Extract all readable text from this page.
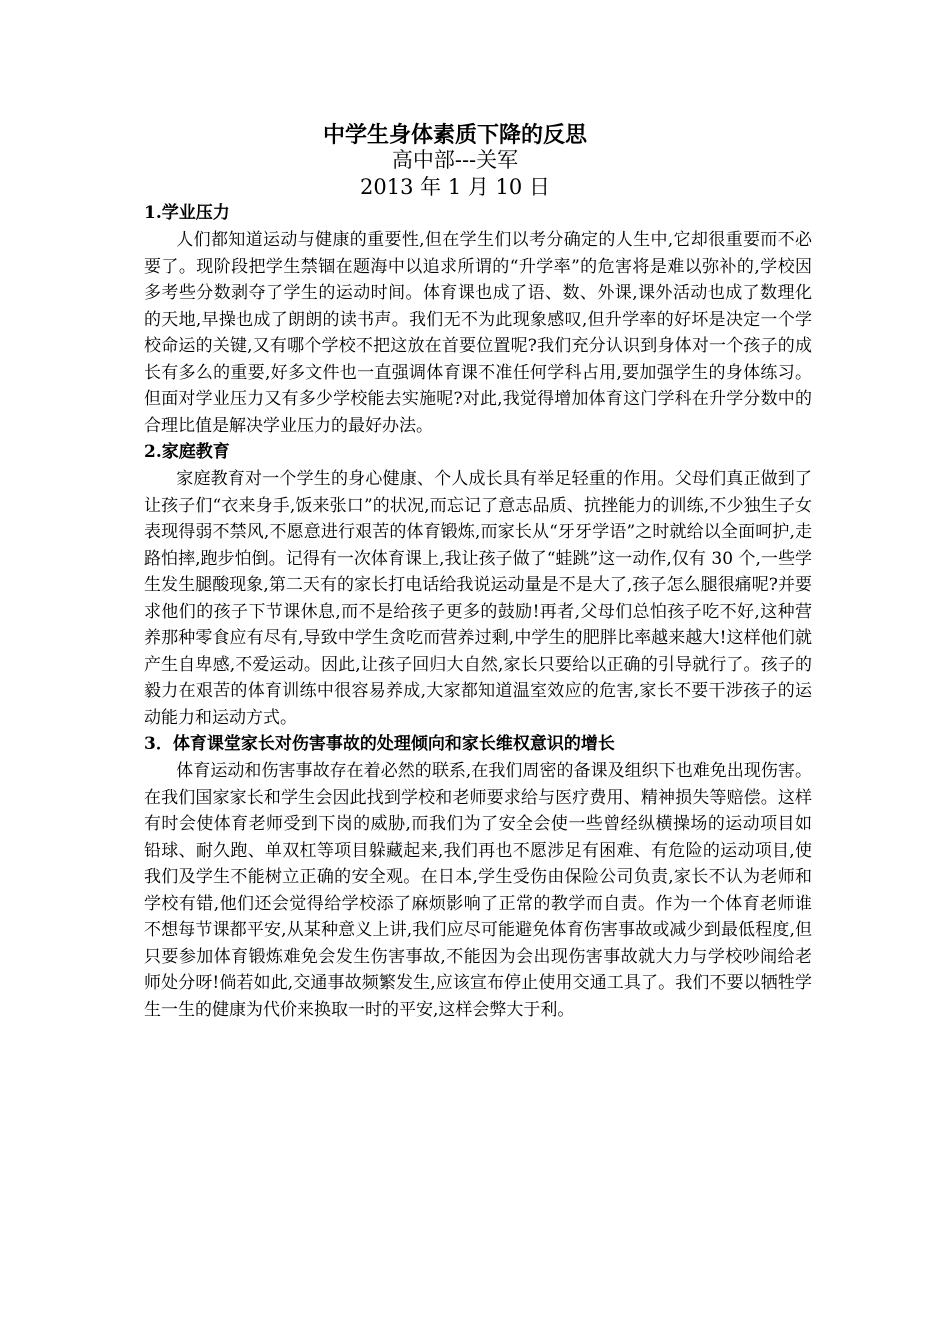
中学生身体素质下降的反思
高中部---关军
2013 年 1 月 10 日

1.学业压力

人们都知道运动与健康的重要性,但在学生们以考分确定的人生中,它却很重要而不必要了。现阶段把学生禁锢在题海中以追求所谓的“升学率”的危害将是难以弥补的,学校因多考些分数剥夺了学生的运动时间。体育课也成了语、数、外课,课外活动也成了数理化的天地,早操也成了朗朗的读书声。我们无不为此现象感叹,但升学率的好坏是决定一个学校命运的关键,又有哪个学校不把这放在首要位置呢?我们充分认识到身体对一个孩子的成长有多么的重要,好多文件也一直强调体育课不准任何学科占用,要加强学生的身体练习。但面对学业压力又有多少学校能去实施呢?对此,我觉得增加体育这门学科在升学分数中的合理比值是解决学业压力的最好办法。

2.家庭教育

家庭教育对一个学生的身心健康、个人成长具有举足轻重的作用。父母们真正做到了让孩子们“衣来身手,饭来张口”的状况,而忘记了意志品质、抗挫能力的训练,不少独生子女表现得弱不禁风,不愿意进行艰苦的体育锻炼,而家长从“牙牙学语”之时就给以全面呵护,走路怕摔,跑步怕倒。记得有一次体育课上,我让孩子做了“蛙跳”这一动作,仅有 30 个,一些学生发生腿酸现象,第二天有的家长打电话给我说运动量是不是大了,孩子怎么腿很痛呢?并要求他们的孩子下节课休息,而不是给孩子更多的鼓励!再者,父母们总怕孩子吃不好,这种营养那种零食应有尽有,导致中学生贪吃而营养过剩,中学生的肥胖比率越来越大!这样他们就产生自卑感,不爱运动。因此,让孩子回归大自然,家长只要给以正确的引导就行了。孩子的毅力在艰苦的体育训练中很容易养成,大家都知道温室效应的危害,家长不要干涉孩子的运动能力和运动方式。

3．体育课堂家长对伤害事故的处理倾向和家长维权意识的增长

体育运动和伤害事故存在着必然的联系,在我们周密的备课及组织下也难免出现伤害。在我们国家家长和学生会因此找到学校和老师要求给与医疗费用、精神损失等赔偿。这样有时会使体育老师受到下岗的威胁,而我们为了安全会使一些曾经纵横操场的运动项目如铅球、耐久跑、单双杠等项目躲藏起来,我们再也不愿涉足有困难、有危险的运动项目,使我们及学生不能树立正确的安全观。在日本,学生受伤由保险公司负责,家长不认为老师和学校有错,他们还会觉得给学校添了麻烦影响了正常的教学而自责。作为一个体育老师谁不想每节课都平安,从某种意义上讲,我们应尽可能避免体育伤害事故或减少到最低程度,但只要参加体育锻炼难免会发生伤害事故,不能因为会出现伤害事故就大力与学校吵闹给老师处分呀!倘若如此,交通事故频繁发生,应该宣布停止使用交通工具了。我们不要以牺牲学生一生的健康为代价来换取一时的平安,这样会弊大于利。
